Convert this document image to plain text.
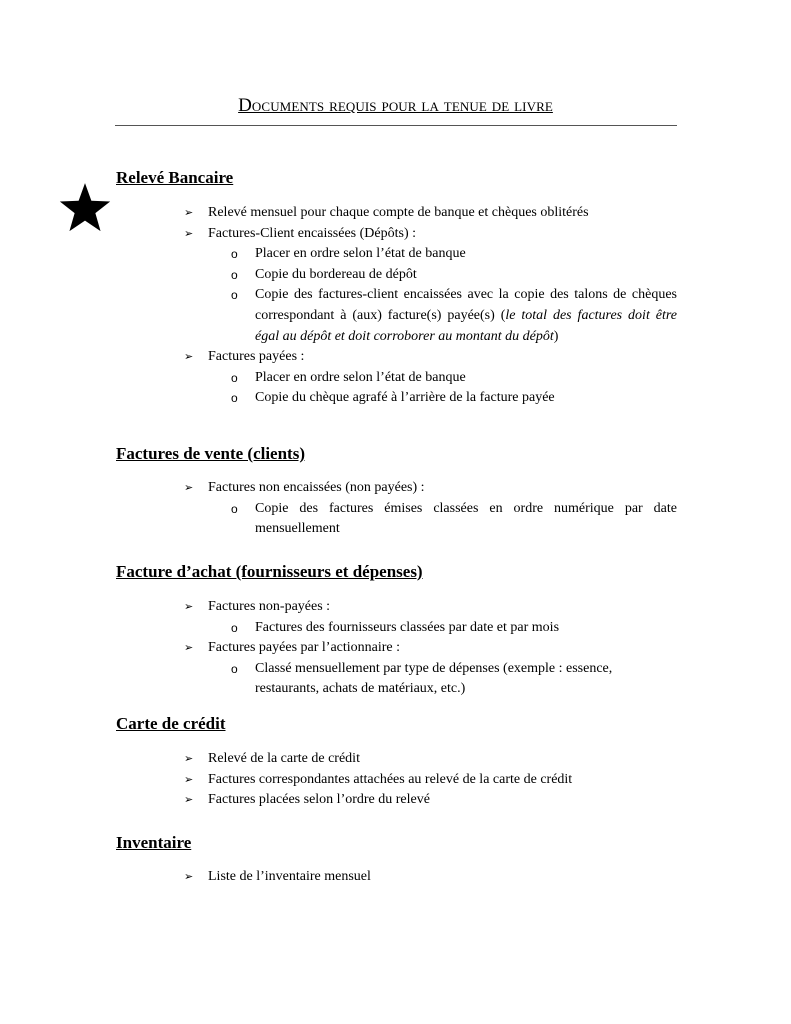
Documents requis pour la tenue de livre
Relevé Bancaire
➢ Relevé mensuel pour chaque compte de banque et chèques oblitérés
➢ Factures-Client encaissées (Dépôts) :
o Placer en ordre selon l’état de banque
o Copie du bordereau de dépôt
o Copie des factures-client encaissées avec la copie des talons de chèques correspondant à (aux) facture(s) payée(s) (le total des factures doit être égal au dépôt et doit corroborer au montant du dépôt)
➢ Factures payées :
o Placer en ordre selon l’état de banque
o Copie du chèque agrafé à l’arrière de la facture payée
Factures de vente (clients)
➢ Factures non encaissées (non payées) :
o Copie des factures émises classées en ordre numérique par date mensuellement
Facture d’achat (fournisseurs et dépenses)
➢ Factures non-payées :
o Factures des fournisseurs classées par date et par mois
➢ Factures payées par l’actionnaire :
o Classé mensuellement par type de dépenses (exemple : essence, restaurants, achats de matériaux, etc.)
Carte de crédit
➢ Relevé de la carte de crédit
➢ Factures correspondantes attachées au relevé de la carte de crédit
➢ Factures placées selon l’ordre du relevé
Inventaire
➢ Liste de l’inventaire mensuel
